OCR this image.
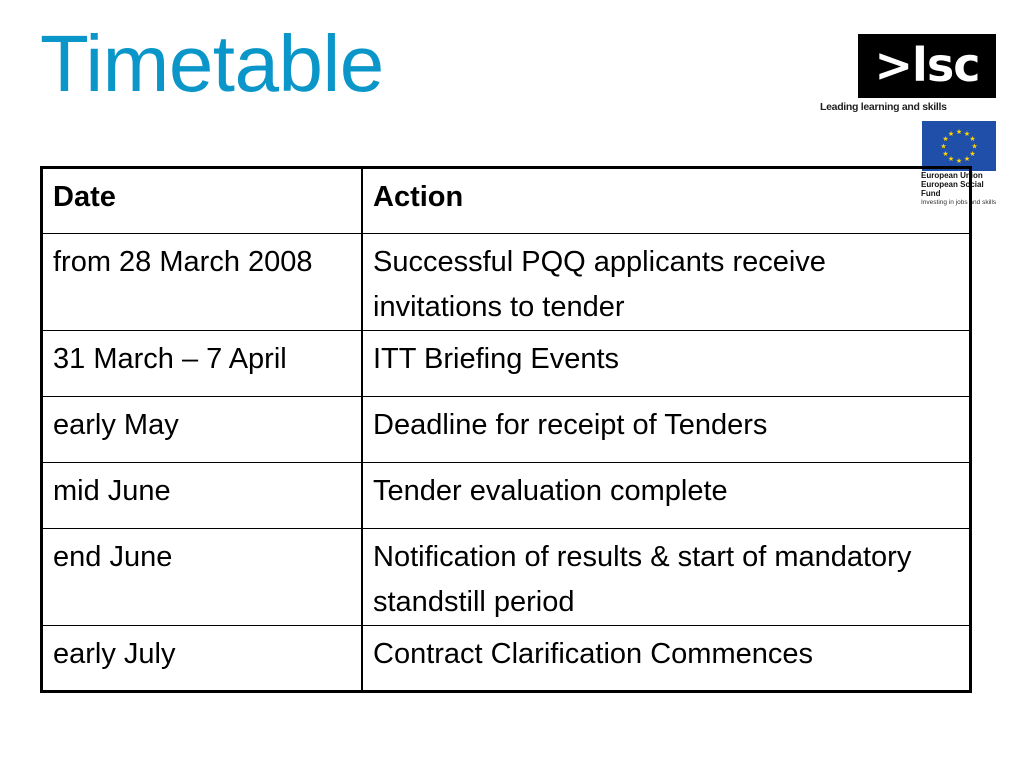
Timetable	>lsc
Leading learning and skills
★ ★
★
★
★
★
★
★
★
★
★
★
European Union
European Social Fund
Investing in jobs and skills
Date	Action
from 28 March 2008	Successful PQQ applicants receive invitations to tender
31 March – 7 April	ITT Briefing Events
early May	Deadline for receipt of Tenders
mid June	Tender evaluation complete
end June	Notification of results & start of mandatory standstill period
early July	Contract Clarification Commences
